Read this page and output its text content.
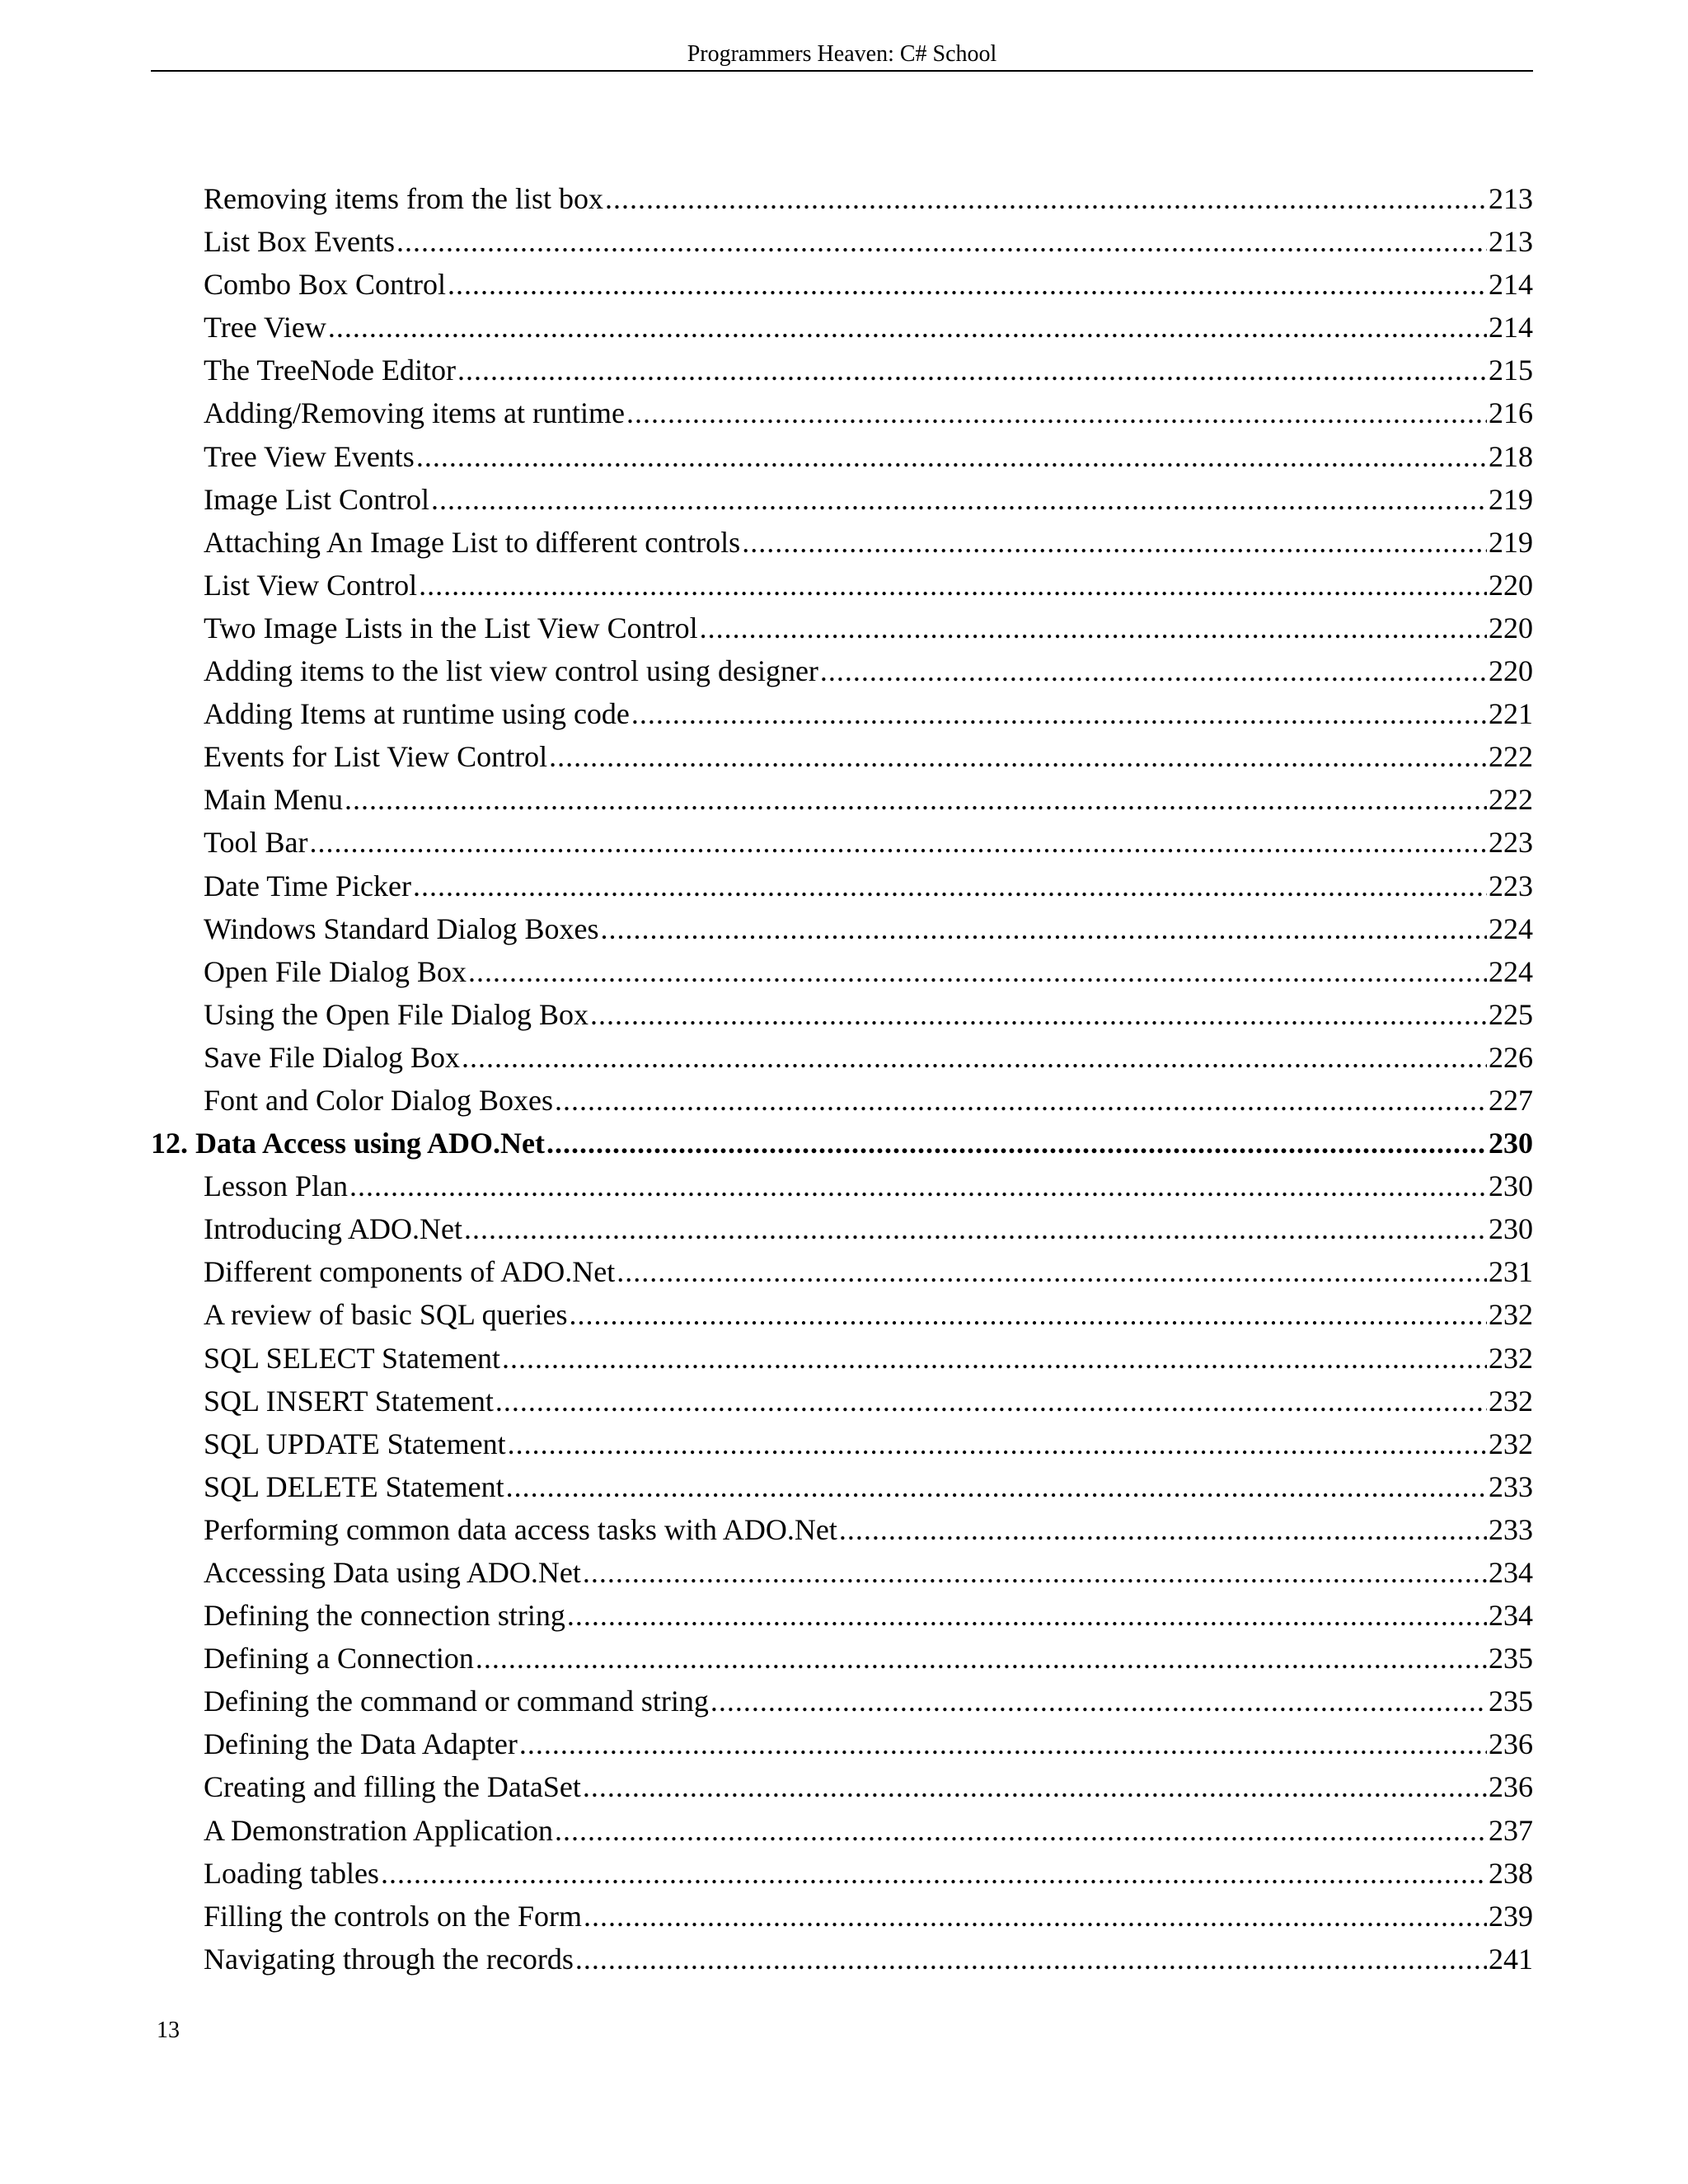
Programmers Heaven: C# School
Removing items from the list box .....	213
List Box Events .....	213
Combo Box Control .....	214
Tree View .....	214
The TreeNode Editor .....	215
Adding/Removing items at runtime .....	216
Tree View Events .....	218
Image List Control .....	219
Attaching An Image List to different controls .....	219
List View Control .....	220
Two Image Lists in the List View Control .....	220
Adding items to the list view control using designer .....	220
Adding Items at runtime using code .....	221
Events for List View Control .....	222
Main Menu .....	222
Tool Bar .....	223
Date Time Picker .....	223
Windows Standard Dialog Boxes .....	224
Open File Dialog Box .....	224
Using the Open File Dialog Box .....	225
Save File Dialog Box .....	226
Font and Color Dialog Boxes .....	227
12. Data Access using ADO.Net .....	230
Lesson Plan .....	230
Introducing ADO.Net .....	230
Different components of ADO.Net .....	231
A review of basic SQL queries .....	232
SQL SELECT Statement .....	232
SQL INSERT Statement .....	232
SQL UPDATE Statement .....	232
SQL DELETE Statement .....	233
Performing common data access tasks with ADO.Net .....	233
Accessing Data using ADO.Net .....	234
Defining the connection string .....	234
Defining a Connection .....	235
Defining the command or command string .....	235
Defining the Data Adapter .....	236
Creating and filling the DataSet .....	236
A Demonstration Application .....	237
Loading tables .....	238
Filling the controls on the Form .....	239
Navigating through the records .....	241
13
